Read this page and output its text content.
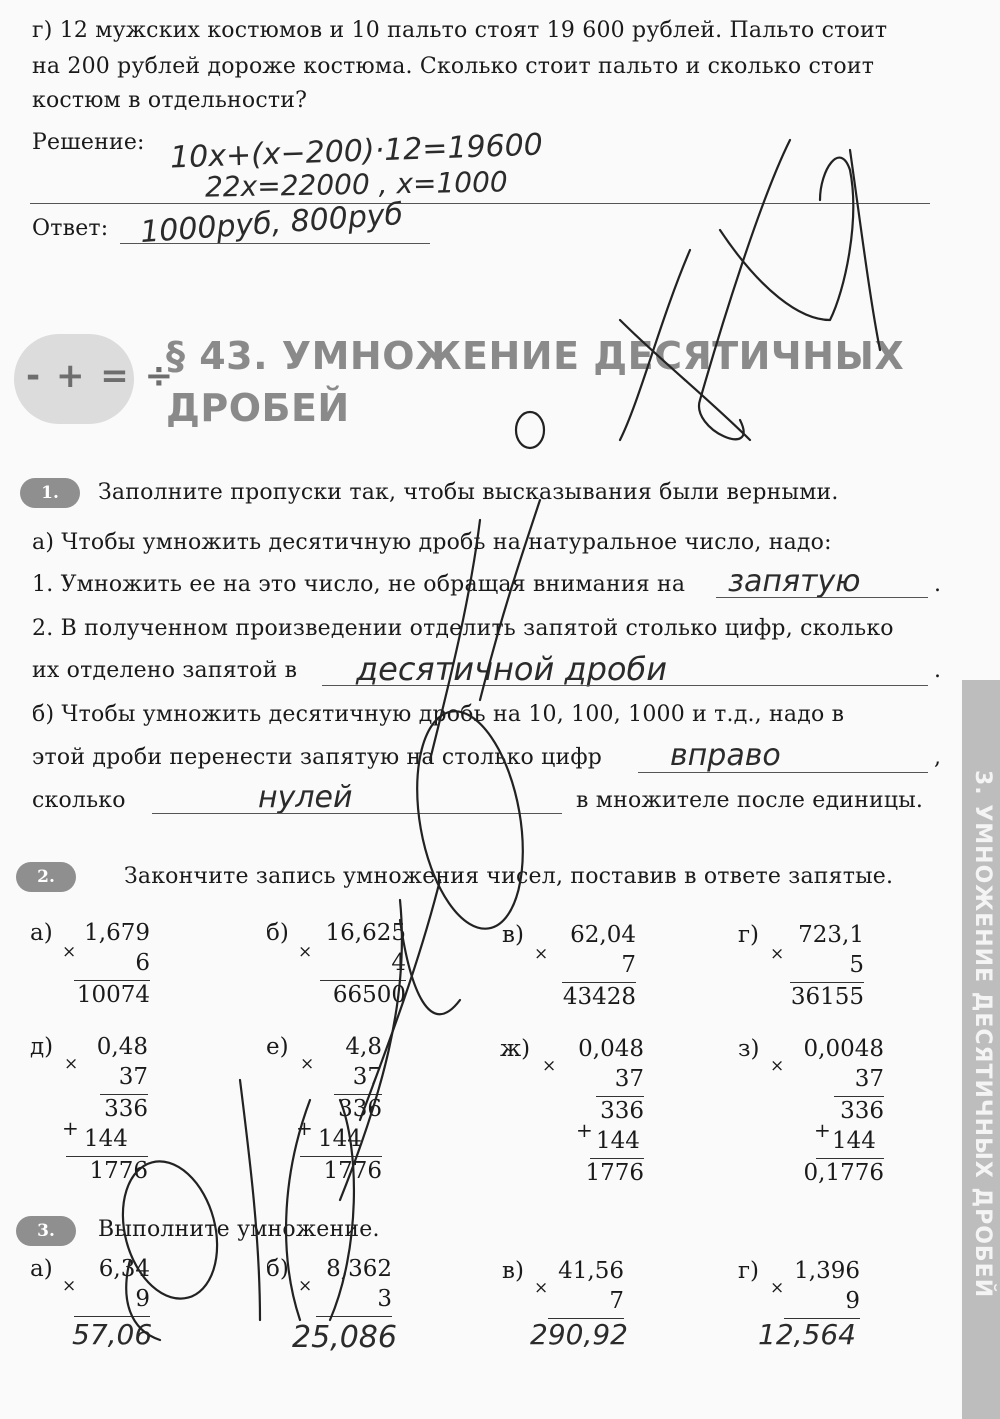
г) 12 мужских костюмов и 10 пальто стоят 19 600 рублей. Пальто стоит
на 200 рублей дороже костюма. Сколько стоит пальто и сколько стоит
костюм в отдельности?
Решение: 10x+(x−200)·12=19600
22x=22000 , x=1000
Ответ: 1000руб, 800руб
- + = ÷
§ 43. УМНОЖЕНИЕ ДЕСЯТИЧНЫХ
ДРОБЕЙ
1.	Заполните пропуски так, чтобы высказывания были верными.
а) Чтобы умножить десятичную дробь на натуральное число, надо:
1. Умножить ее на это число, не обращая внимания на запятую	.
2. В полученном произведении отделить запятой столько цифр, сколько
их отделено запятой в десятичной дроби	.
б) Чтобы умножить десятичную дробь на 10, 100, 1000 и т.д., надо в
этой дроби перенести запятую на столько цифр вправо	,
сколько	нулей	в множителе после единицы.
2.	Закончите запись умножения чисел, поставив в ответе запятые.
а)
×
1,679
6
10074
б)
×
16,625
4
66500
в)
×
62,04
7
43428
г)
×
723,1
5
36155
д)
×
0,48
37
336
+ 144
1776
е)
×
4,8
37
336
+ 144
1776
ж)
×
0,048
37
336
+ 144
1776
з)
×
0,0048
37
336
+ 144
0,1776
3.	Выполните умножение.
а)
×
6,34
9
57,06
б)
×
8,362
3
25,086
в)
×
41,56
7
290,92
г)
×
1,396
9
12,564
3. УМНОЖЕНИЕ ДЕСЯТИЧНЫХ ДРОБЕЙ
